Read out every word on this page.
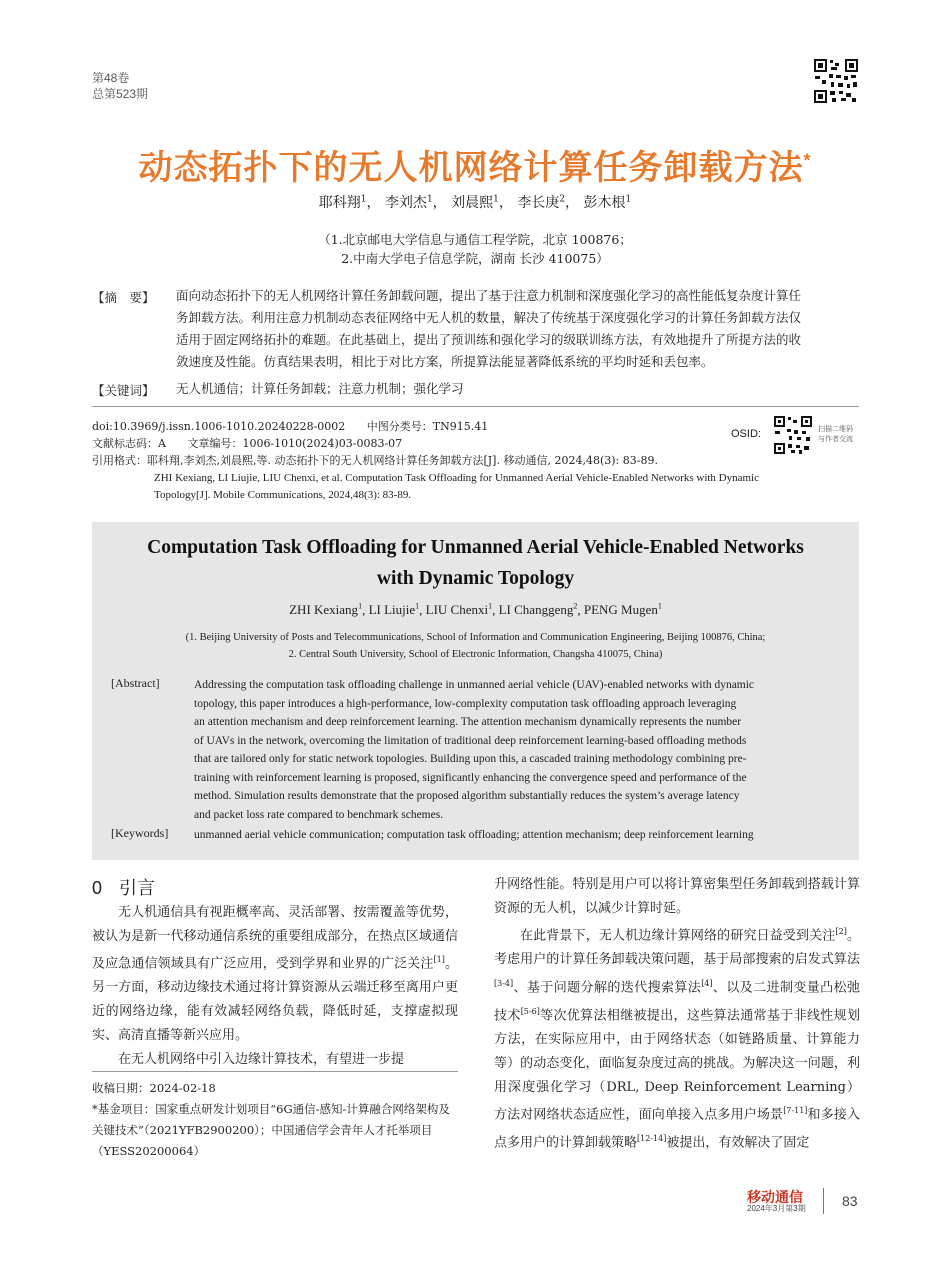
第48卷
总第523期
动态拓扑下的无人机网络计算任务卸载方法*
耶科翔$^1$， 李刘杰$^1$， 刘晨熙$^1$， 李长庚$^2$， 彭木根$^1$
（1.北京邮电大学信息与通信工程学院，北京 100876；
2.中南大学电子信息学院，湖南 长沙 410075）
【摘　要】 面向动态拓扑下的无人机网络计算任务卸载问题，提出了基于注意力机制和深度强化学习的高性能低复杂度计算任
务卸载方法。利用注意力机制动态表征网络中无人机的数量，解决了传统基于深度强化学习的计算任务卸载方法仅
适用于固定网络拓扑的难题。在此基础上，提出了预训练和强化学习的级联训练方法，有效地提升了所提方法的收
敛速度及性能。仿真结果表明，相比于对比方案，所提算法能显著降低系统的平均时延和丢包率。
【关键词】 无人机通信；计算任务卸载；注意力机制；强化学习
doi:10.3969/j.issn.1006-1010.20240228-0002 中图分类号：TN915.41
文献标志码：A 文章编号：1006-1010(2024)03-0083-07
引用格式：耶科翔,李刘杰,刘晨熙,等. 动态拓扑下的无人机网络计算任务卸载方法[J]. 移动通信, 2024,48(3): 83-89.
ZHI Kexiang, LI Liujie, LIU Chenxi, et al. Computation Task Offloading for Unmanned Aerial Vehicle-Enabled Networks with Dynamic
Topology[J]. Mobile Communications, 2024,48(3): 83-89.
OSID:	扫描二维码
与作者交流
Computation Task Offloading for Unmanned Aerial Vehicle-Enabled Networks
with Dynamic Topology
ZHI Kexiang$^1$, LI Liujie$^1$, LIU Chenxi$^1$, LI Changgeng$^2$, PENG Mugen$^1$
(1. Beijing University of Posts and Telecommunications, School of Information and Communication Engineering, Beijing 100876, China;
2. Central South University, School of Electronic Information, Changsha 410075, China)
[Abstract]	Addressing the computation task offloading challenge in unmanned aerial vehicle (UAV)-enabled networks with dynamic
topology, this paper introduces a high-performance, low-complexity computation task offloading approach leveraging
an attention mechanism and deep reinforcement learning. The attention mechanism dynamically represents the number
of UAVs in the network, overcoming the limitation of traditional deep reinforcement learning-based offloading methods
that are tailored only for static network topologies. Building upon this, a cascaded training methodology combining pre-
training with reinforcement learning is proposed, significantly enhancing the convergence speed and performance of the
method. Simulation results demonstrate that the proposed algorithm substantially reduces the system’s average latency
and packet loss rate compared to benchmark schemes.
[Keywords] unmanned aerial vehicle communication; computation task offloading; attention mechanism; deep reinforcement learning
0 引言

无人机通信具有视距概率高、灵活部署、按需覆盖等优势，被认为是新一代移动通信系统的重要组成部分，在热点区域通信及应急通信领域具有广泛应用，受到学界和业界的广泛关注[1]。另一方面，移动边缘技术通过将计算资源从云端迁移至离用户更近的网络边缘，能有效减轻网络负载，降低时延，支撑虚拟现实、高清直播等新兴应用。

在无人机网络中引入边缘计算技术，有望进一步提

收稿日期：2024-02-18
*基金项目：国家重点研发计划项目“6G通信-感知-计算融合网络架构及关键技术”（2021YFB2900200）；中国通信学会青年人才托举项目（YESS20200064）

升网络性能。特别是用户可以将计算密集型任务卸载到搭载计算资源的无人机，以减少计算时延。

在此背景下，无人机边缘计算网络的研究日益受到关注[2]。考虑用户的计算任务卸载决策问题，基于局部搜索的启发式算法[3-4]、基于问题分解的迭代搜索算法[4]、以及二进制变量凸松弛技术[5-6]等次优算法相继被提出，这些算法通常基于非线性规划方法，在实际应用中，由于网络状态（如链路质量、计算能力等）的动态变化，面临复杂度过高的挑战。为解决这一问题，利用深度强化学习（DRL, Deep Reinforcement Learning）方法对网络状态适应性，面向单接入点多用户场景[7-11]和多接入点多用户的计算卸载策略[12-14]被提出，有效解决了固定

移动通信
2024年3月第3期	83
